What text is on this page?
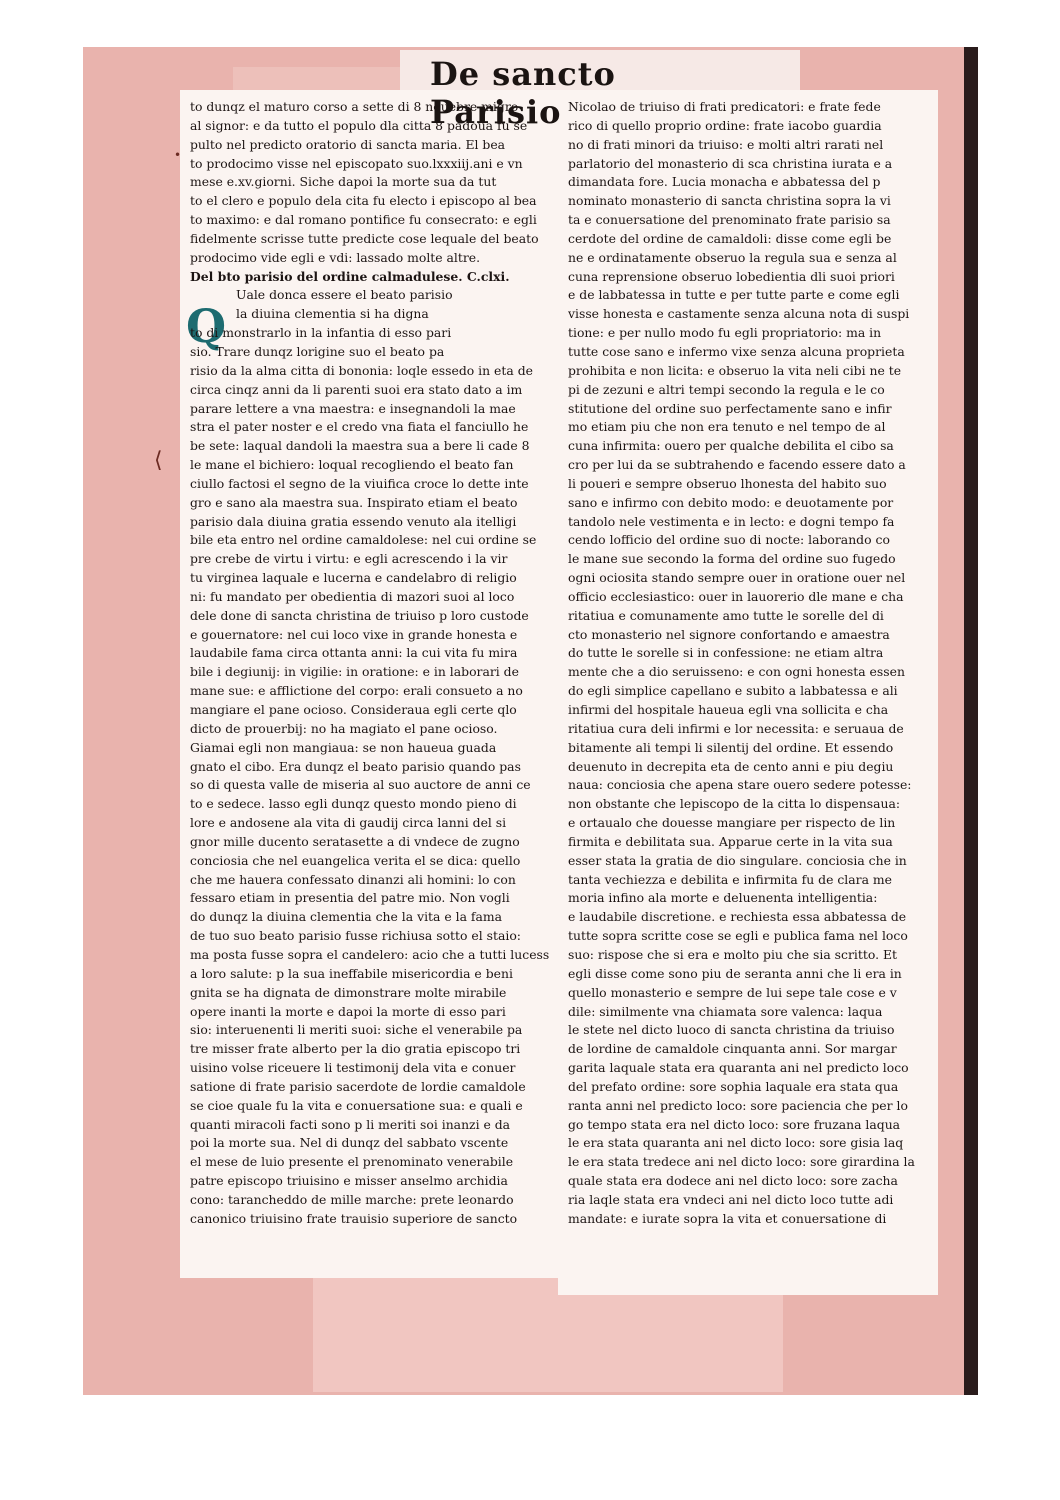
De sancto Parisio
Q
to dunqz el maturo corso a sette di 8 nouebre migro
al signor: e da tutto el populo dla citta 8 padoua fu se
pulto nel predicto oratorio di sancta maria. El bea
to prodocimo visse nel episcopato suo.lxxxiij.ani e vn
mese e.xv.giorni. Siche dapoi la morte sua da tut
to el clero e populo dela cita fu electo i episcopo al bea
to maximo: e dal romano pontifice fu consecrato: e egli
fidelmente scrisse tutte predicte cose lequale del beato
prodocimo vide egli e vdi: lassado molte altre.
Del bto parisio del ordine calmadulese. C.clxi.
Uale donca essere el beato parisio
la diuina clementia si ha digna
to di monstrarlo in la infantia di esso pari
sio. Trare dunqz lorigine suo el beato pa
risio da la alma citta di bononia: loqle essedo in eta de
circa cinqz anni da li parenti suoi era stato dato a im
parare lettere a vna maestra: e insegnandoli la mae
stra el pater noster e el credo vna fiata el fanciullo he
be sete: laqual dandoli la maestra sua a bere li cade 8
le mane el bichiero: loqual recogliendo el beato fan
ciullo factosi el segno de la viuifica croce lo dette inte
gro e sano ala maestra sua. Inspirato etiam el beato
parisio dala diuina gratia essendo venuto ala itelligi
bile eta entro nel ordine camaldolese: nel cui ordine se
pre crebe de virtu i virtu: e egli acrescendo i la vir
tu virginea laquale e lucerna e candelabro di religio
ni: fu mandato per obedientia di mazori suoi al loco
dele done di sancta christina de triuiso p loro custode
e gouernatore: nel cui loco vixe in grande honesta e
laudabile fama circa ottanta anni: la cui vita fu mira
bile i degiunij: in vigilie: in oratione: e in laborari de
mane sue: e afflictione del corpo: erali consueto a no
mangiare el pane ocioso. Consideraua egli certe qlo
dicto de prouerbij: no ha magiato el pane ocioso.
Giamai egli non mangiaua: se non haueua guada
gnato el cibo. Era dunqz el beato parisio quando pas
so di questa valle de miseria al suo auctore de anni ce
to e sedece. lasso egli dunqz questo mondo pieno di
lore e andosene ala vita di gaudij circa lanni del si
gnor mille ducento seratasette a di vndece de zugno
conciosia che nel euangelica verita el se dica: quello
che me hauera confessato dinanzi ali homini: lo con
fessaro etiam in presentia del patre mio. Non vogli
do dunqz la diuina clementia che la vita e la fama
de tuo suo beato parisio fusse richiusa sotto el staio:
ma posta fusse sopra el candelero: acio che a tutti lucess
a loro salute: p la sua ineffabile misericordia e beni
gnita se ha dignata de dimonstrare molte mirabile
opere inanti la morte e dapoi la morte di esso pari
sio: interuenenti li meriti suoi: siche el venerabile pa
tre misser frate alberto per la dio gratia episcopo tri
uisino volse riceuere li testimonij dela vita e conuer
satione di frate parisio sacerdote de lordie camaldole
se cioe quale fu la vita e conuersatione sua: e quali e
quanti miracoli facti sono p li meriti soi inanzi e da
poi la morte sua. Nel di dunqz del sabbato vscente
el mese de luio presente el prenominato venerabile
patre episcopo triuisino e misser anselmo archidia
cono: tarancheddo de mille marche: prete leonardo
canonico triuisino frate trauisio superiore de sancto
Nicolao de triuiso di frati predicatori: e frate fede
rico di quello proprio ordine: frate iacobo guardia
no di frati minori da triuiso: e molti altri rarati nel
parlatorio del monasterio di sca christina iurata e a
dimandata fore. Lucia monacha e abbatessa del p
nominato monasterio di sancta christina sopra la vi
ta e conuersatione del prenominato frate parisio sa
cerdote del ordine de camaldoli: disse come egli be
ne e ordinatamente obseruo la regula sua e senza al
cuna reprensione obseruo lobedientia dli suoi priori
e de labbatessa in tutte e per tutte parte e come egli
visse honesta e castamente senza alcuna nota di suspi
tione: e per nullo modo fu egli propriatorio: ma in
tutte cose sano e infermo vixe senza alcuna proprieta
prohibita e non licita: e obseruo la vita neli cibi ne te
pi de zezuni e altri tempi secondo la regula e le co
stitutione del ordine suo perfectamente sano e infir
mo etiam piu che non era tenuto e nel tempo de al
cuna infirmita: ouero per qualche debilita el cibo sa
cro per lui da se subtrahendo e facendo essere dato a
li poueri e sempre obseruo lhonesta del habito suo
sano e infirmo con debito modo: e deuotamente por
tandolo nele vestimenta e in lecto: e dogni tempo fa
cendo lofficio del ordine suo di nocte: laborando co
le mane sue secondo la forma del ordine suo fugedo
ogni ociosita stando sempre ouer in oratione ouer nel
officio ecclesiastico: ouer in lauorerio dle mane e cha
ritatiua e comunamente amo tutte le sorelle del di
cto monasterio nel signore confortando e amaestra
do tutte le sorelle si in confessione: ne etiam altra
mente che a dio seruisseno: e con ogni honesta essen
do egli simplice capellano e subito a labbatessa e ali
infirmi del hospitale haueua egli vna sollicita e cha
ritatiua cura deli infirmi e lor necessita: e seruaua de
bitamente ali tempi li silentij del ordine. Et essendo
deuenuto in decrepita eta de cento anni e piu degiu
naua: conciosia che apena stare ouero sedere potesse:
non obstante che lepiscopo de la citta lo dispensaua:
e ortaualo che douesse mangiare per rispecto de lin
firmita e debilitata sua. Apparue certe in la vita sua
esser stata la gratia de dio singulare. conciosia che in
tanta vechiezza e debilita e infirmita fu de clara me
moria infino ala morte e deluenenta intelligentia:
e laudabile discretione. e rechiesta essa abbatessa de
tutte sopra scritte cose se egli e publica fama nel loco
suo: rispose che si era e molto piu che sia scritto. Et
egli disse come sono piu de seranta anni che li era in
quello monasterio e sempre de lui sepe tale cose e v
dile: similmente vna chiamata sore valenca: laqua
le stete nel dicto luoco di sancta christina da triuiso
de lordine de camaldole cinquanta anni. Sor margar
garita laquale stata era quaranta ani nel predicto loco
del prefato ordine: sore sophia laquale era stata qua
ranta anni nel predicto loco: sore paciencia che per lo
go tempo stata era nel dicto loco: sore fruzana laqua
le era stata quaranta ani nel dicto loco: sore gisia laq
le era stata tredece ani nel dicto loco: sore girardina la
quale stata era dodece ani nel dicto loco: sore zacha
ria laqle stata era vndeci ani nel dicto loco tutte adi
mandate: e iurate sopra la vita et conuersatione di
⟨
•
